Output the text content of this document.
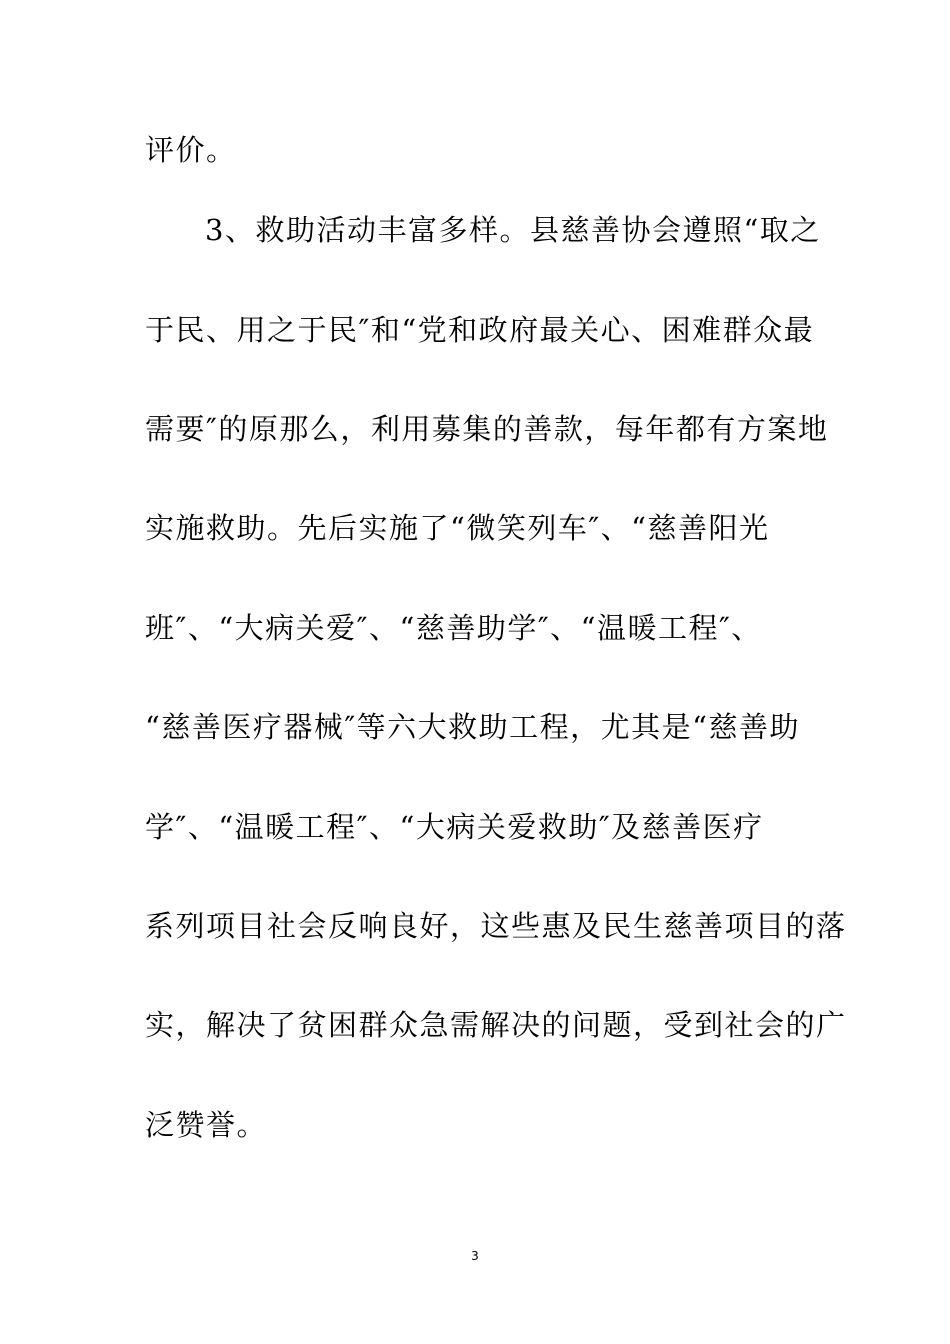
评价。
3、救助活动丰富多样。县慈善协会遵照“取之
于民、用之于民″和“党和政府最关心、困难群众最
需要″的原那么，利用募集的善款，每年都有方案地
实施救助。先后实施了“微笑列车″、“慈善阳光
班″、“大病关爱″、“慈善助学″、“温暖工程″、
“慈善医疗器械″等六大救助工程，尤其是“慈善助
学″、“温暖工程″、“大病关爱救助″及慈善医疗
系列项目社会反响良好，这些惠及民生慈善项目的落
实，解决了贫困群众急需解决的问题，受到社会的广
泛赞誉。
3
